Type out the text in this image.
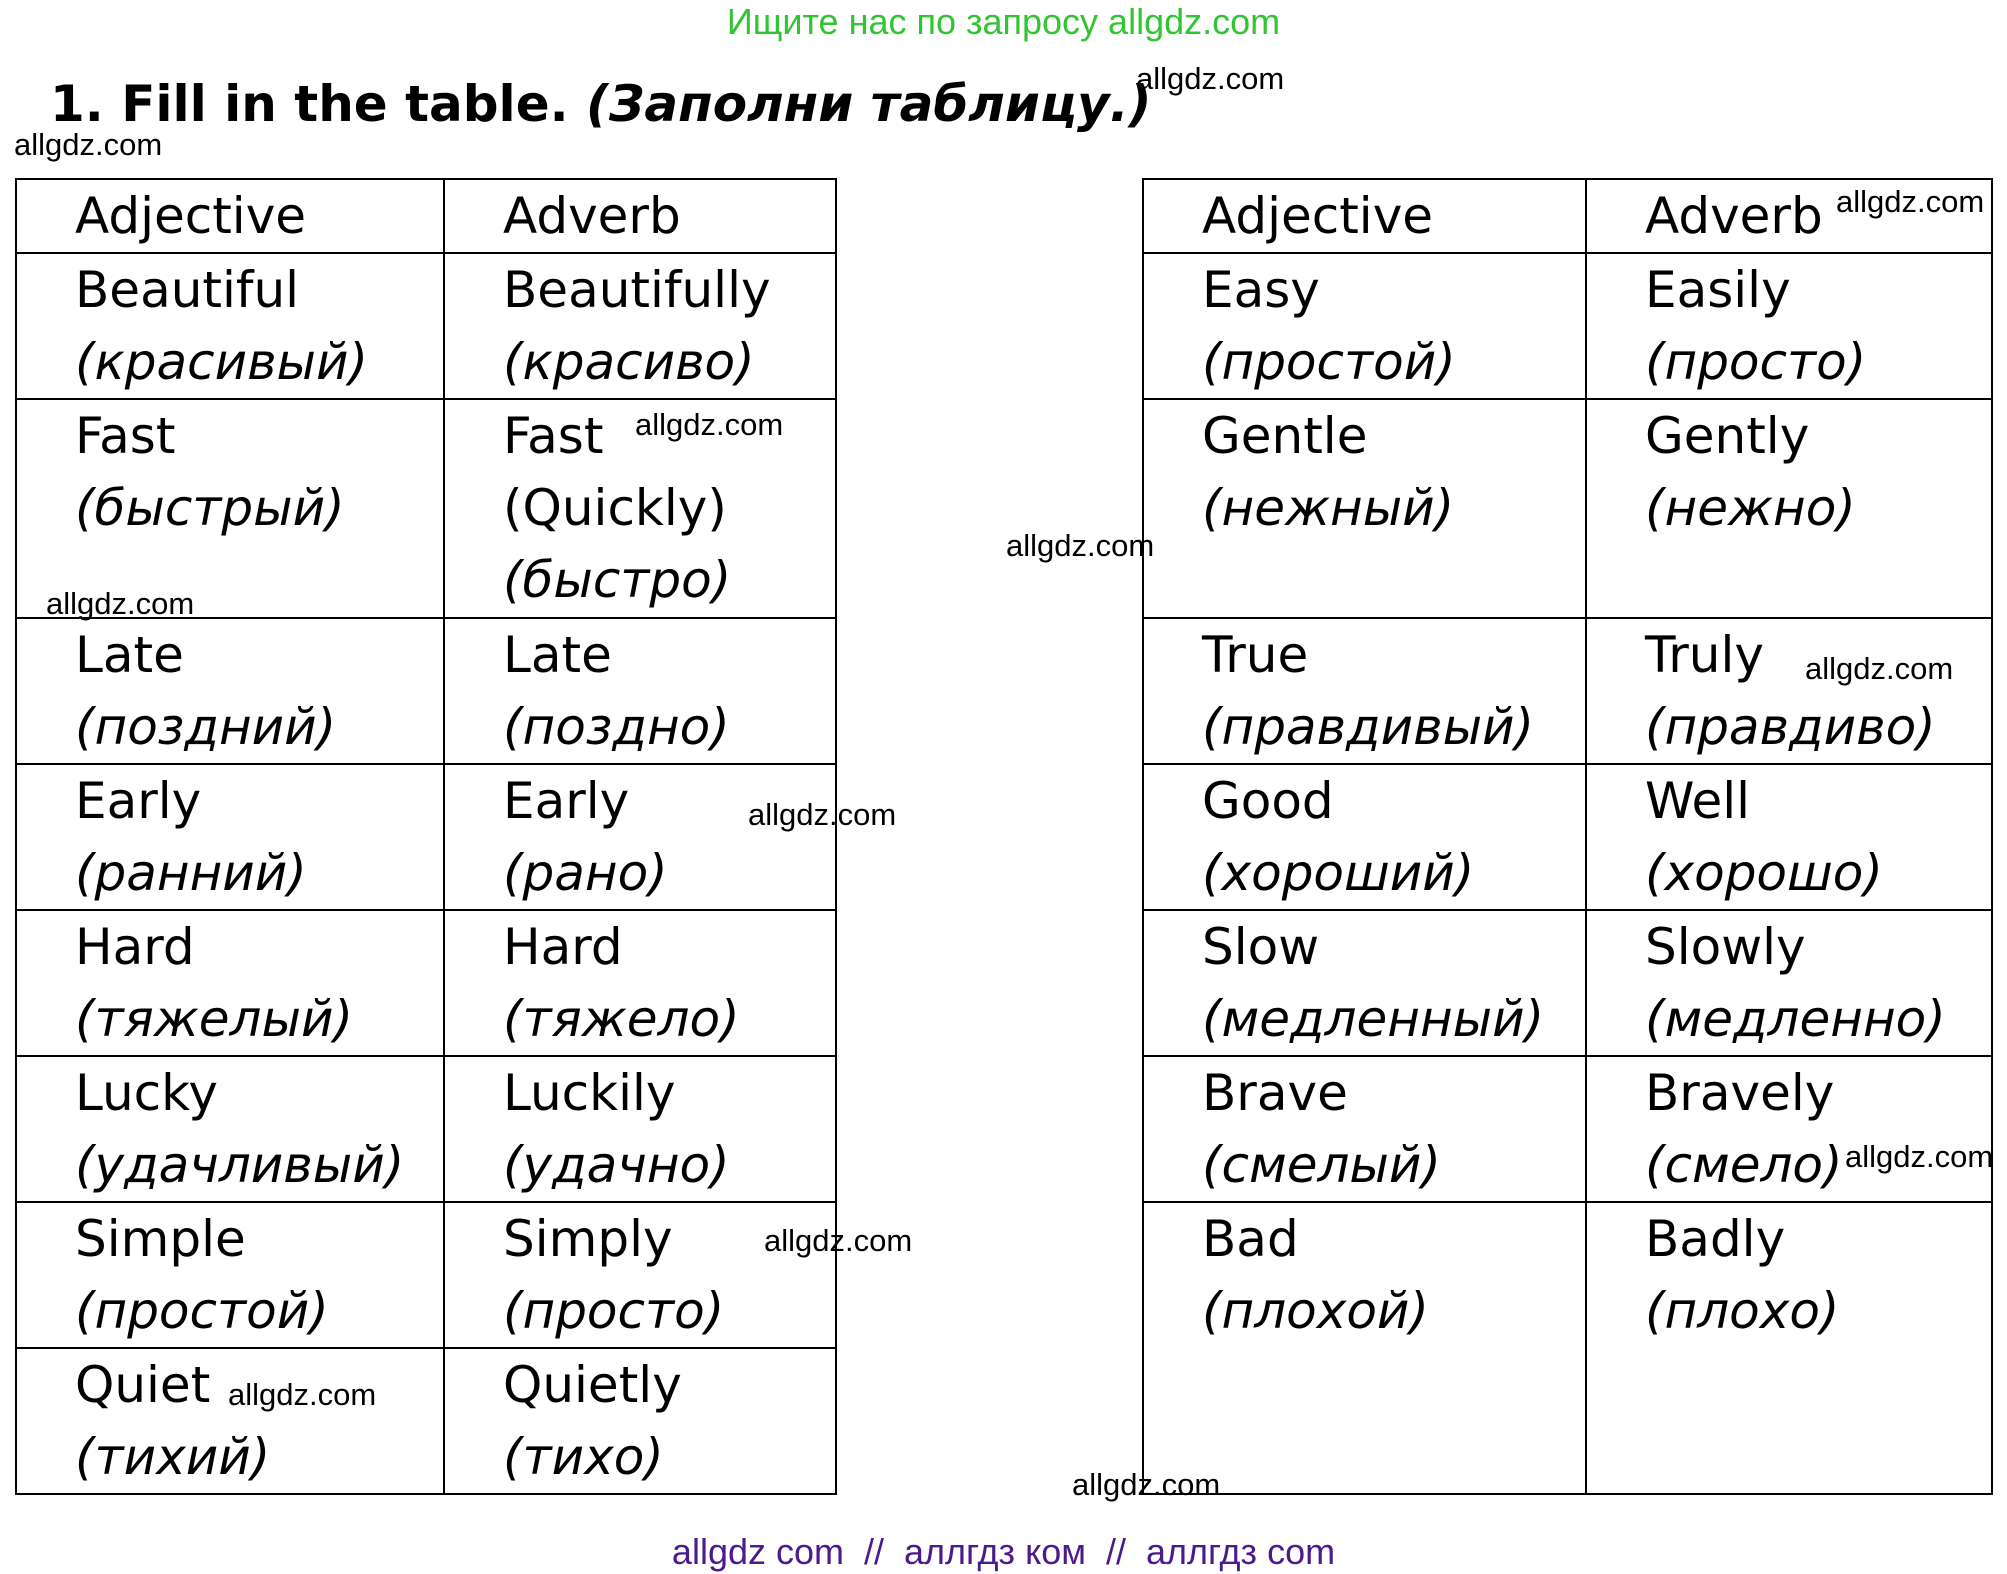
Ищите нас по запросу allgdz.com
1. Fill in the table. (Заполни таблицу.)
Adjective	Adverb

Beautiful
(красивый)	Beautifully
(красиво)

Fast
(быстрый)	Fast
(Quickly)
(быстро)

Late
(поздний)	Late
(поздно)

Early
(ранний)	Early
(рано)

Hard
(тяжелый)	Hard
(тяжело)

Lucky
(удачливый)	Luckily
(удачно)

Simple
(простой)	Simply
(просто)

Quiet
(тихий)	Quietly
(тихо)
Adjective	Adverb

Easy
(простой)	Easily
(просто)

Gentle
(нежный)	Gently
(нежно)

True
(правдивый)	Truly
(правдиво)

Good
(хороший)	Well
(хорошо)

Slow
(медленный)	Slowly
(медленно)

Brave
(смелый)	Bravely
(смело)

Bad
(плохой)	Badly
(плохо)
allgdz.com
allgdz.com
allgdz.com
allgdz.com
allgdz.com
allgdz.com
allgdz.com
allgdz.com
allgdz.com
allgdz.com
allgdz.com
allgdz.com
allgdz com  //  аллгдз ком  //  аллгдз com
